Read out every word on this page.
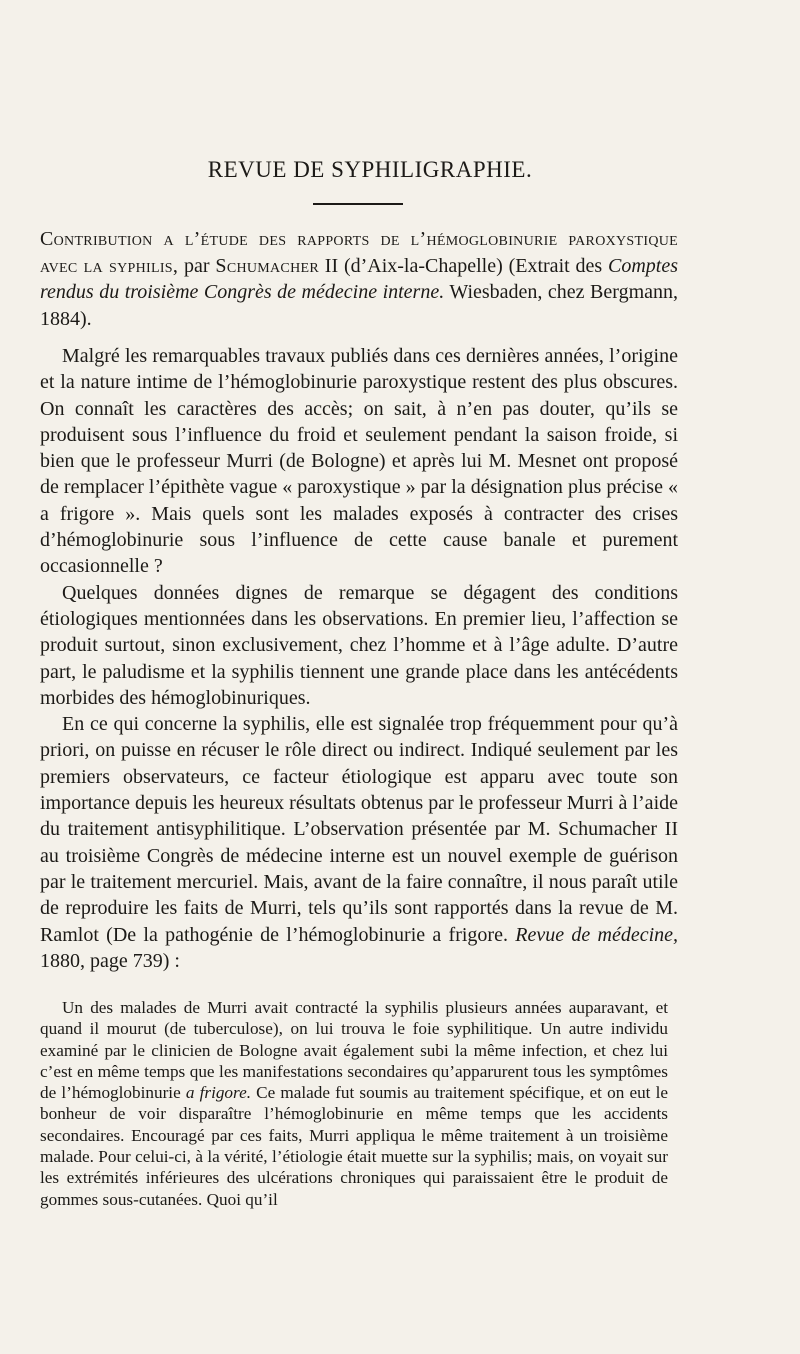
REVUE DE SYPHILIGRAPHIE.
Contribution a l’étude des rapports de l’hémoglobinurie paroxystique avec la syphilis, par Schumacher II (d’Aix-la-Chapelle) (Extrait des Comptes rendus du troisième Congrès de médecine interne. Wiesbaden, chez Bergmann, 1884).

Malgré les remarquables travaux publiés dans ces dernières années, l’origine et la nature intime de l’hémoglobinurie paroxystique restent des plus obscures. On connaît les caractères des accès; on sait, à n’en pas douter, qu’ils se produisent sous l’influence du froid et seulement pendant la saison froide, si bien que le professeur Murri (de Bologne) et après lui M. Mesnet ont proposé de remplacer l’épithète vague « paroxystique » par la désignation plus précise « a frigore ». Mais quels sont les malades exposés à contracter des crises d’hémoglobinurie sous l’influence de cette cause banale et purement occasionnelle ?

Quelques données dignes de remarque se dégagent des conditions étiologiques mentionnées dans les observations. En premier lieu, l’affection se produit surtout, sinon exclusivement, chez l’homme et à l’âge adulte. D’autre part, le paludisme et la syphilis tiennent une grande place dans les antécédents morbides des hémoglobinuriques.

En ce qui concerne la syphilis, elle est signalée trop fréquemment pour qu’à priori, on puisse en récuser le rôle direct ou indirect. Indiqué seulement par les premiers observateurs, ce facteur étiologique est apparu avec toute son importance depuis les heureux résultats obtenus par le professeur Murri à l’aide du traitement antisyphilitique. L’observation présentée par M. Schumacher II au troisième Congrès de médecine interne est un nouvel exemple de guérison par le traitement mercuriel. Mais, avant de la faire connaître, il nous paraît utile de reproduire les faits de Murri, tels qu’ils sont rapportés dans la revue de M. Ramlot (De la pathogénie de l’hémoglobinurie a frigore. Revue de médecine, 1880, page 739) :

Un des malades de Murri avait contracté la syphilis plusieurs années auparavant, et quand il mourut (de tuberculose), on lui trouva le foie syphilitique. Un autre individu examiné par le clinicien de Bologne avait également subi la même infection, et chez lui c’est en même temps que les manifestations secondaires qu’apparurent tous les symptômes de l’hémoglobinurie a frigore. Ce malade fut soumis au traitement spécifique, et on eut le bonheur de voir disparaître l’hémoglobinurie en même temps que les accidents secondaires. Encouragé par ces faits, Murri appliqua le même traitement à un troisième malade. Pour celui-ci, à la vérité, l’étiologie était muette sur la syphilis; mais, on voyait sur les extrémités inférieures des ulcérations chroniques qui paraissaient être le produit de gommes sous-cutanées. Quoi qu’il
